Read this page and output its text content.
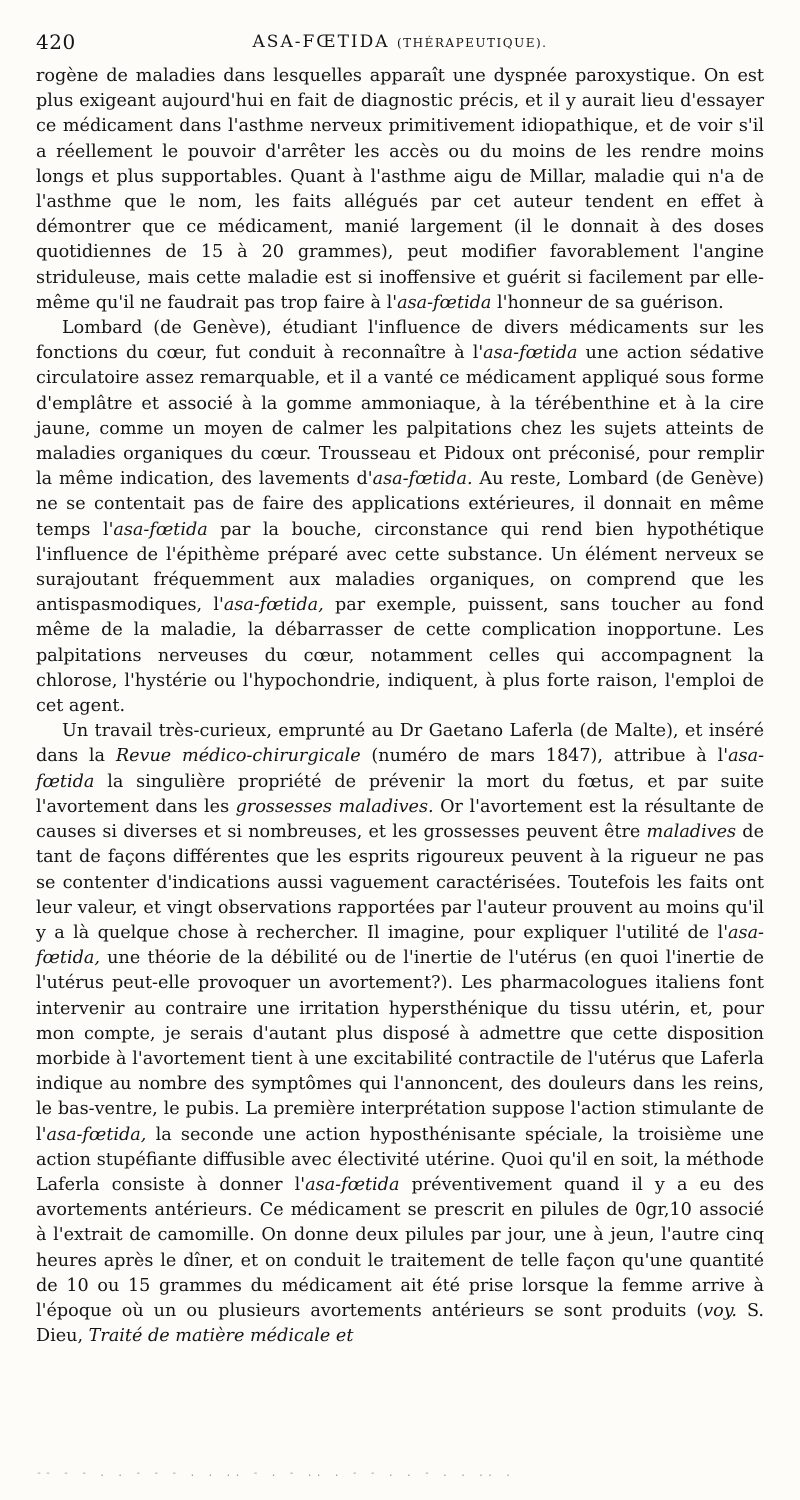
420	ASA-FŒTIDA (THÉRAPEUTIQUE).

rogène de maladies dans lesquelles apparaît une dyspnée paroxystique. On est plus exigeant aujourd'hui en fait de diagnostic précis, et il y aurait lieu d'essayer ce médicament dans l'asthme nerveux primitivement idiopathique, et de voir s'il a réellement le pouvoir d'arrêter les accès ou du moins de les rendre moins longs et plus supportables. Quant à l'asthme aigu de Millar, maladie qui n'a de l'asthme que le nom, les faits allégués par cet auteur tendent en effet à démontrer que ce médicament, manié largement (il le donnait à des doses quotidiennes de 15 à 20 grammes), peut modifier favorablement l'angine striduleuse, mais cette maladie est si inoffensive et guérit si facilement par elle-même qu'il ne faudrait pas trop faire à l'asa-fœtida l'honneur de sa guérison.

Lombard (de Genève), étudiant l'influence de divers médicaments sur les fonctions du cœur, fut conduit à reconnaître à l'asa-fœtida une action sédative circulatoire assez remarquable, et il a vanté ce médicament appliqué sous forme d'emplâtre et associé à la gomme ammoniaque, à la térébenthine et à la cire jaune, comme un moyen de calmer les palpitations chez les sujets atteints de maladies organiques du cœur. Trousseau et Pidoux ont préconisé, pour remplir la même indication, des lavements d'asa-fœtida. Au reste, Lombard (de Genève) ne se contentait pas de faire des applications extérieures, il donnait en même temps l'asa-fœtida par la bouche, circonstance qui rend bien hypothétique l'influence de l'épithème préparé avec cette substance. Un élément nerveux se surajoutant fréquemment aux maladies organiques, on comprend que les antispasmodiques, l'asa-fœtida, par exemple, puissent, sans toucher au fond même de la maladie, la débarrasser de cette complication inopportune. Les palpitations nerveuses du cœur, notamment celles qui accompagnent la chlorose, l'hystérie ou l'hypochondrie, indiquent, à plus forte raison, l'emploi de cet agent.

Un travail très-curieux, emprunté au Dr Gaetano Laferla (de Malte), et inséré dans la Revue médico-chirurgicale (numéro de mars 1847), attribue à l'asa-fœtida la singulière propriété de prévenir la mort du fœtus, et par suite l'avortement dans les grossesses maladives. Or l'avortement est la résultante de causes si diverses et si nombreuses, et les grossesses peuvent être maladives de tant de façons différentes que les esprits rigoureux peuvent à la rigueur ne pas se contenter d'indications aussi vaguement caractérisées. Toutefois les faits ont leur valeur, et vingt observations rapportées par l'auteur prouvent au moins qu'il y a là quelque chose à rechercher. Il imagine, pour expliquer l'utilité de l'asa-fœtida, une théorie de la débilité ou de l'inertie de l'utérus (en quoi l'inertie de l'utérus peut-elle provoquer un avortement?). Les pharmacologues italiens font intervenir au contraire une irritation hypersthénique du tissu utérin, et, pour mon compte, je serais d'autant plus disposé à admettre que cette disposition morbide à l'avortement tient à une excitabilité contractile de l'utérus que Laferla indique au nombre des symptômes qui l'annoncent, des douleurs dans les reins, le bas-ventre, le pubis. La première interprétation suppose l'action stimulante de l'asa-fœtida, la seconde une action hyposthénisante spéciale, la troisième une action stupéfiante diffusible avec électivité utérine. Quoi qu'il en soit, la méthode Laferla consiste à donner l'asa-fœtida préventivement quand il y a eu des avortements antérieurs. Ce médicament se prescrit en pilules de 0gr,10 associé à l'extrait de camomille. On donne deux pilules par jour, une à jeun, l'autre cinq heures après le dîner, et on conduit le traitement de telle façon qu'une quantité de 10 ou 15 grammes du médicament ait été prise lorsque la femme arrive à l'époque où un ou plusieurs avortements antérieurs se sont produits (voy. S. Dieu, Traité de matière médicale et

-- - - . . - - - . . .. - . - .. . - - . . - . . .. .
